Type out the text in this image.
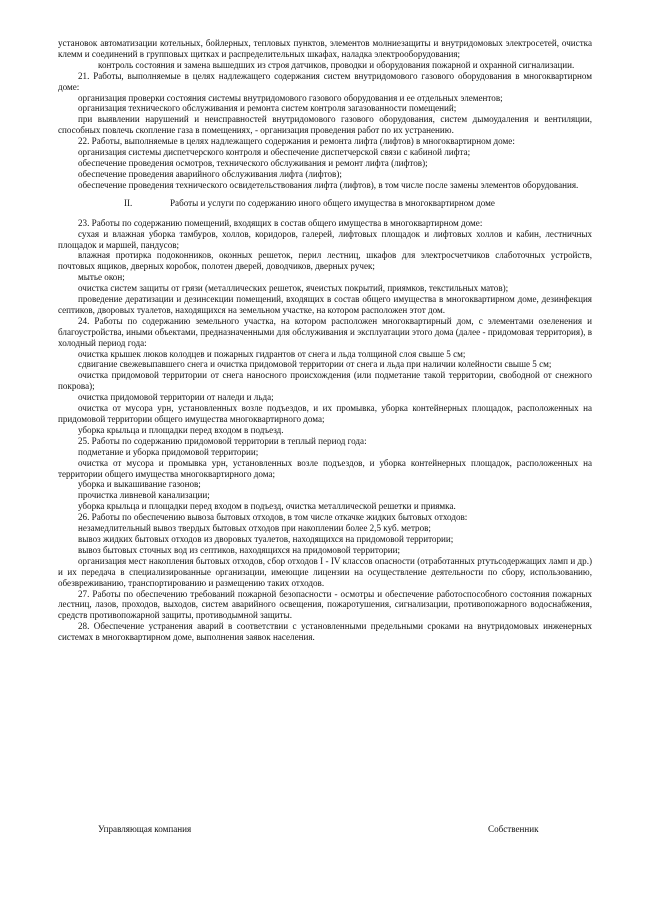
установок автоматизации котельных, бойлерных, тепловых пунктов, элементов молниезащиты и внутридомовых электросетей, очистка клемм и соединений в групповых щитках и распределительных шкафах, наладка электрооборудования;

контроль состояния и замена вышедших из строя датчиков, проводки и оборудования пожарной и охранной сигнализации.

21. Работы, выполняемые в целях надлежащего содержания систем внутридомового газового оборудования в многоквартирном доме:

организация проверки состояния системы внутридомового газового оборудования и ее отдельных элементов;

организация технического обслуживания и ремонта систем контроля загазованности помещений;

при выявлении нарушений и неисправностей внутридомового газового оборудования, систем дымоудаления и вентиляции, способных повлечь скопление газа в помещениях, - организация проведения работ по их устранению.

22. Работы, выполняемые в целях надлежащего содержания и ремонта лифта (лифтов) в многоквартирном доме:

организация системы диспетчерского контроля и обеспечение диспетчерской связи с кабиной лифта;

обеспечение проведения осмотров, технического обслуживания и ремонт лифта (лифтов);

обеспечение проведения аварийного обслуживания лифта (лифтов);

обеспечение проведения технического освидетельствования лифта (лифтов), в том числе после замены элементов оборудования.

II.	Работы и услуги по содержанию иного общего имущества в многоквартирном доме

23. Работы по содержанию помещений, входящих в состав общего имущества в многоквартирном доме:

сухая и влажная уборка тамбуров, холлов, коридоров, галерей, лифтовых площадок и лифтовых холлов и кабин, лестничных площадок и маршей, пандусов;

влажная протирка подоконников, оконных решеток, перил лестниц, шкафов для электросчетчиков слаботочных устройств, почтовых ящиков, дверных коробок, полотен дверей, доводчиков, дверных ручек;

мытье окон;

очистка систем защиты от грязи (металлических решеток, ячеистых покрытий, приямков, текстильных матов);

проведение дератизации и дезинсекции помещений, входящих в состав общего имущества в многоквартирном доме, дезинфекция септиков, дворовых туалетов, находящихся на земельном участке, на котором расположен этот дом.

24. Работы по содержанию земельного участка, на котором расположен многоквартирный дом, с элементами озеленения и благоустройства, иными объектами, предназначенными для обслуживания и эксплуатации этого дома (далее - придомовая территория), в холодный период года:

очистка крышек люков колодцев и пожарных гидрантов от снега и льда толщиной слоя свыше 5 см;

сдвигание свежевыпавшего снега и очистка придомовой территории от снега и льда при наличии колейности свыше 5 см;

очистка придомовой территории от снега наносного происхождения (или подметание такой территории, свободной от снежного покрова);

очистка придомовой территории от наледи и льда;

очистка от мусора урн, установленных возле подъездов, и их промывка, уборка контейнерных площадок, расположенных на придомовой территории общего имущества многоквартирного дома;

уборка крыльца и площадки перед входом в подъезд.

25. Работы по содержанию придомовой территории в теплый период года:

подметание и уборка придомовой территории;

очистка от мусора и промывка урн, установленных возле подъездов, и уборка контейнерных площадок, расположенных на территории общего имущества многоквартирного дома;

уборка и выкашивание газонов;

прочистка ливневой канализации;

уборка крыльца и площадки перед входом в подъезд, очистка металлической решетки и приямка.

26. Работы по обеспечению вывоза бытовых отходов, в том числе откачке жидких бытовых отходов:

незамедлительный вывоз твердых бытовых отходов при накоплении более 2,5 куб. метров;

вывоз жидких бытовых отходов из дворовых туалетов, находящихся на придомовой территории;

вывоз бытовых сточных вод из септиков, находящихся на придомовой территории;

организация мест накопления бытовых отходов, сбор отходов I - IV классов опасности (отработанных ртутьсодержащих ламп и др.) и их передача в специализированные организации, имеющие лицензии на осуществление деятельности по сбору, использованию, обезвреживанию, транспортированию и размещению таких отходов.

27. Работы по обеспечению требований пожарной безопасности - осмотры и обеспечение работоспособного состояния пожарных лестниц, лазов, проходов, выходов, систем аварийного освещения, пожаротушения, сигнализации, противопожарного водоснабжения, средств противопожарной защиты, противодымной защиты.

28. Обеспечение устранения аварий в соответствии с установленными предельными сроками на внутридомовых инженерных системах в многоквартирном доме, выполнения заявок населения.

Управляющая компания	Собственник
